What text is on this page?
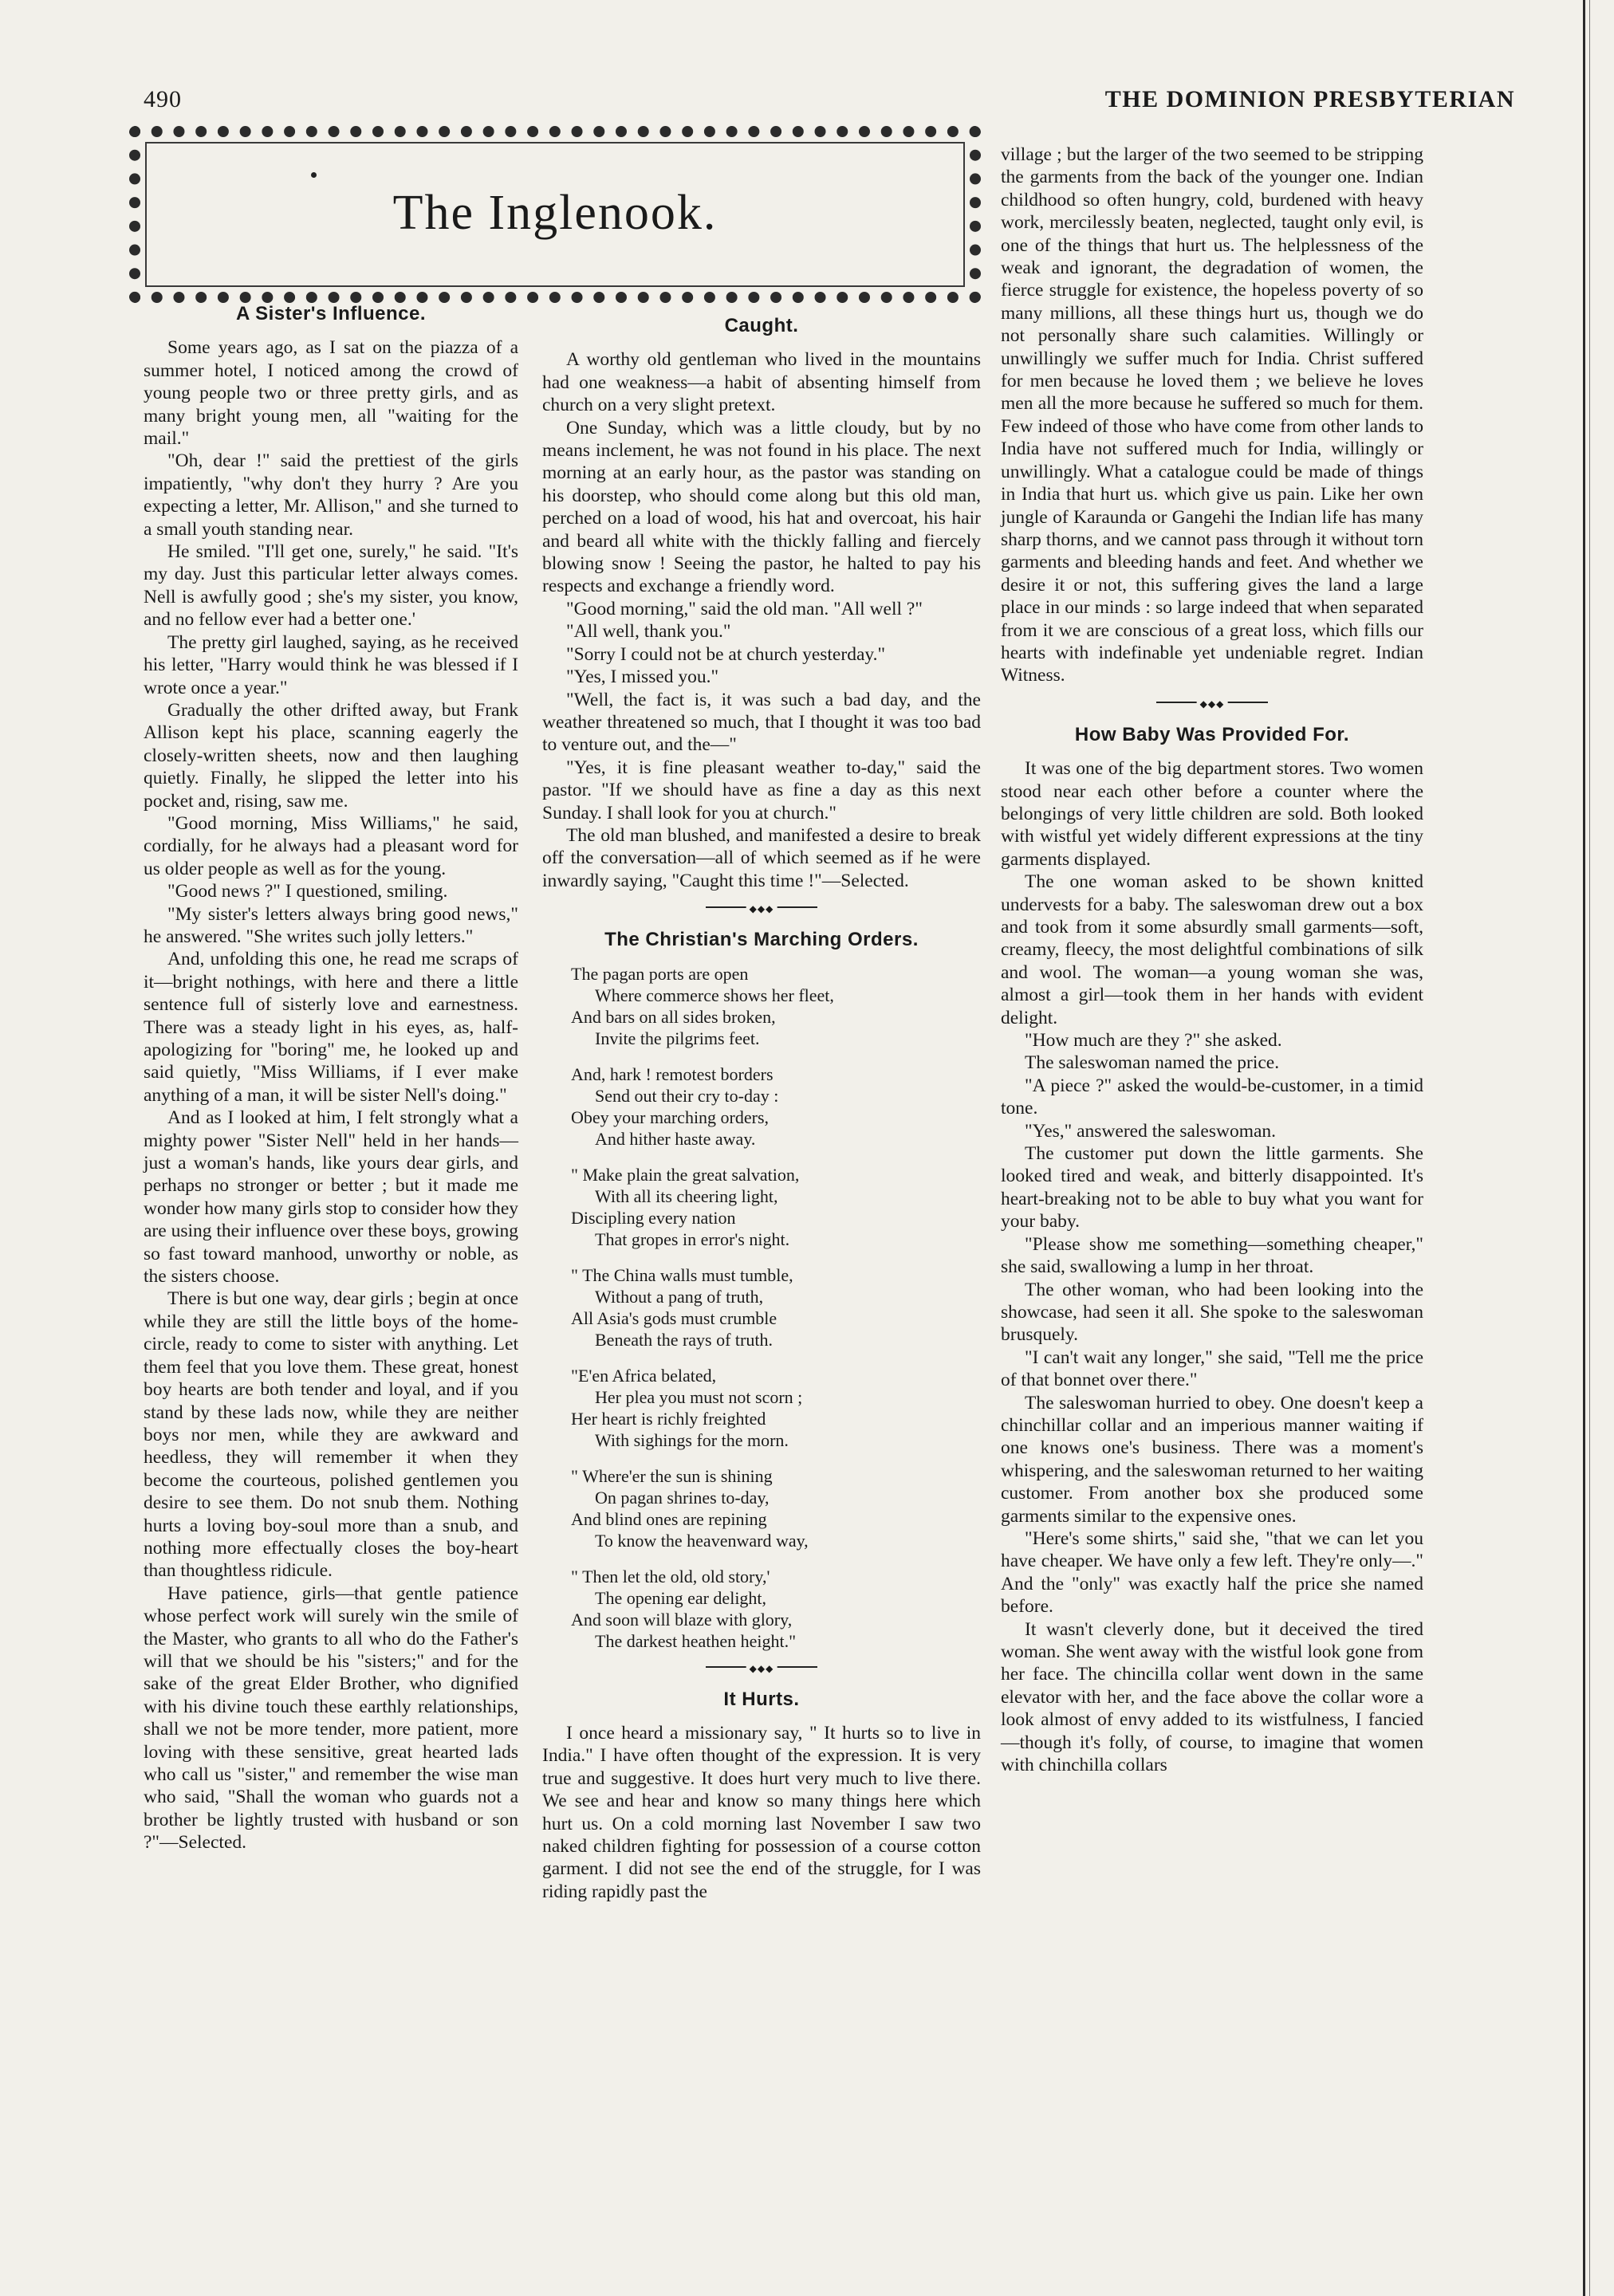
490	THE DOMINION PRESBYTERIAN
The Inglenook.
A Sister's Influence.

Some years ago, as I sat on the piazza of a summer hotel, I noticed among the crowd of young people two or three pretty girls, and as many bright young men, all "waiting for the mail."

"Oh, dear !" said the prettiest of the girls impatiently, "why don't they hurry ? Are you expecting a letter, Mr. Allison," and she turned to a small youth standing near.

He smiled. "I'll get one, surely," he said. "It's my day. Just this particular letter always comes. Nell is awfully good ; she's my sister, you know, and no fellow ever had a better one.'

The pretty girl laughed, saying, as he received his letter, "Harry would think he was blessed if I wrote once a year."

Gradually the other drifted away, but Frank Allison kept his place, scanning eagerly the closely-written sheets, now and then laughing quietly. Finally, he slipped the letter into his pocket and, rising, saw me.

"Good morning, Miss Williams," he said, cordially, for he always had a pleasant word for us older people as well as for the young.

"Good news ?" I questioned, smiling.

"My sister's letters always bring good news," he answered. "She writes such jolly letters."

And, unfolding this one, he read me scraps of it—bright nothings, with here and there a little sentence full of sisterly love and earnestness. There was a steady light in his eyes, as, half-apologizing for "boring" me, he looked up and said quietly, "Miss Williams, if I ever make anything of a man, it will be sister Nell's doing."

And as I looked at him, I felt strongly what a mighty power "Sister Nell" held in her hands—just a woman's hands, like yours dear girls, and perhaps no stronger or better ; but it made me wonder how many girls stop to consider how they are using their influence over these boys, growing so fast toward manhood, unworthy or noble, as the sisters choose.

There is but one way, dear girls ; begin at once while they are still the little boys of the home-circle, ready to come to sister with anything. Let them feel that you love them. These great, honest boy hearts are both tender and loyal, and if you stand by these lads now, while they are neither boys nor men, while they are awkward and heedless, they will remember it when they become the courteous, polished gentlemen you desire to see them. Do not snub them. Nothing hurts a loving boy-soul more than a snub, and nothing more effectually closes the boy-heart than thoughtless ridicule.

Have patience, girls—that gentle patience whose perfect work will surely win the smile of the Master, who grants to all who do the Father's will that we should be his "sisters;" and for the sake of the great Elder Brother, who dignified with his divine touch these earthly relationships, shall we not be more tender, more patient, more loving with these sensitive, great hearted lads who call us "sister," and remember the wise man who said, "Shall the woman who guards not a brother be lightly trusted with husband or son ?"—Selected.

Caught.

A worthy old gentleman who lived in the mountains had one weakness—a habit of absenting himself from church on a very slight pretext.

One Sunday, which was a little cloudy, but by no means inclement, he was not found in his place. The next morning at an early hour, as the pastor was standing on his doorstep, who should come along but this old man, perched on a load of wood, his hat and overcoat, his hair and beard all white with the thickly falling and fiercely blowing snow ! Seeing the pastor, he halted to pay his respects and exchange a friendly word.

"Good morning," said the old man. "All well ?"

"All well, thank you."

"Sorry I could not be at church yesterday."

"Yes, I missed you."

"Well, the fact is, it was such a bad day, and the weather threatened so much, that I thought it was too bad to venture out, and the—"

"Yes, it is fine pleasant weather to-day," said the pastor. "If we should have as fine a day as this next Sunday. I shall look for you at church."

The old man blushed, and manifested a desire to break off the conversation—all of which seemed as if he were inwardly saying, "Caught this time !"—Selected.

◆◆◆
The Christian's Marching Orders.
The pagan ports are open
Where commerce shows her fleet,
And bars on all sides broken,
Invite the pilgrims feet.
And, hark ! remotest borders
Send out their cry to-day :
Obey your marching orders,
And hither haste away.
" Make plain the great salvation,
With all its cheering light,
Discipling every nation
That gropes in error's night.
" The China walls must tumble,
Without a pang of truth,
All Asia's gods must crumble
Beneath the rays of truth.
"E'en Africa belated,
Her plea you must not scorn ;
Her heart is richly freighted
With sighings for the morn.
" Where'er the sun is shining
On pagan shrines to-day,
And blind ones are repining
To know the heavenward way,
" Then let the old, old story,'
The opening ear delight,
And soon will blaze with glory,
The darkest heathen height."
◆◆◆
It Hurts.

I once heard a missionary say, " It hurts so to live in India." I have often thought of the expression. It is very true and suggestive. It does hurt very much to live there. We see and hear and know so many things here which hurt us. On a cold morning last November I saw two naked children fighting for possession of a course cotton garment. I did not see the end of the struggle, for I was riding rapidly past the

village ; but the larger of the two seemed to be stripping the garments from the back of the younger one. Indian childhood so often hungry, cold, burdened with heavy work, mercilessly beaten, neglected, taught only evil, is one of the things that hurt us. The helplessness of the weak and ignorant, the degradation of women, the fierce struggle for existence, the hopeless poverty of so many millions, all these things hurt us, though we do not personally share such calamities. Willingly or unwillingly we suffer much for India. Christ suffered for men because he loved them ; we believe he loves men all the more because he suffered so much for them. Few indeed of those who have come from other lands to India have not suffered much for India, willingly or unwillingly. What a catalogue could be made of things in India that hurt us. which give us pain. Like her own jungle of Karaunda or Gangehi the Indian life has many sharp thorns, and we cannot pass through it without torn garments and bleeding hands and feet. And whether we desire it or not, this suffering gives the land a large place in our minds : so large indeed that when separated from it we are conscious of a great loss, which fills our hearts with indefinable yet undeniable regret. Indian Witness.

◆◆◆
How Baby Was Provided For.

It was one of the big department stores. Two women stood near each other before a counter where the belongings of very little children are sold. Both looked with wistful yet widely different expressions at the tiny garments displayed.

The one woman asked to be shown knitted undervests for a baby. The saleswoman drew out a box and took from it some absurdly small garments—soft, creamy, fleecy, the most delightful combinations of silk and wool. The woman—a young woman she was, almost a girl—took them in her hands with evident delight.

"How much are they ?" she asked.

The saleswoman named the price.

"A piece ?" asked the would-be-customer, in a timid tone.

"Yes," answered the saleswoman.

The customer put down the little garments. She looked tired and weak, and bitterly disappointed. It's heart-breaking not to be able to buy what you want for your baby.

"Please show me something—something cheaper," she said, swallowing a lump in her throat.

The other woman, who had been looking into the showcase, had seen it all. She spoke to the saleswoman brusquely.

"I can't wait any longer," she said, "Tell me the price of that bonnet over there."

The saleswoman hurried to obey. One doesn't keep a chinchillar collar and an imperious manner waiting if one knows one's business. There was a moment's whispering, and the saleswoman returned to her waiting customer. From another box she produced some garments similar to the expensive ones.

"Here's some shirts," said she, "that we can let you have cheaper. We have only a few left. They're only—." And the "only" was exactly half the price she named before.

It wasn't cleverly done, but it deceived the tired woman. She went away with the wistful look gone from her face. The chincilla collar went down in the same elevator with her, and the face above the collar wore a look almost of envy added to its wistfulness, I fancied—though it's folly, of course, to imagine that women with chinchilla collars
